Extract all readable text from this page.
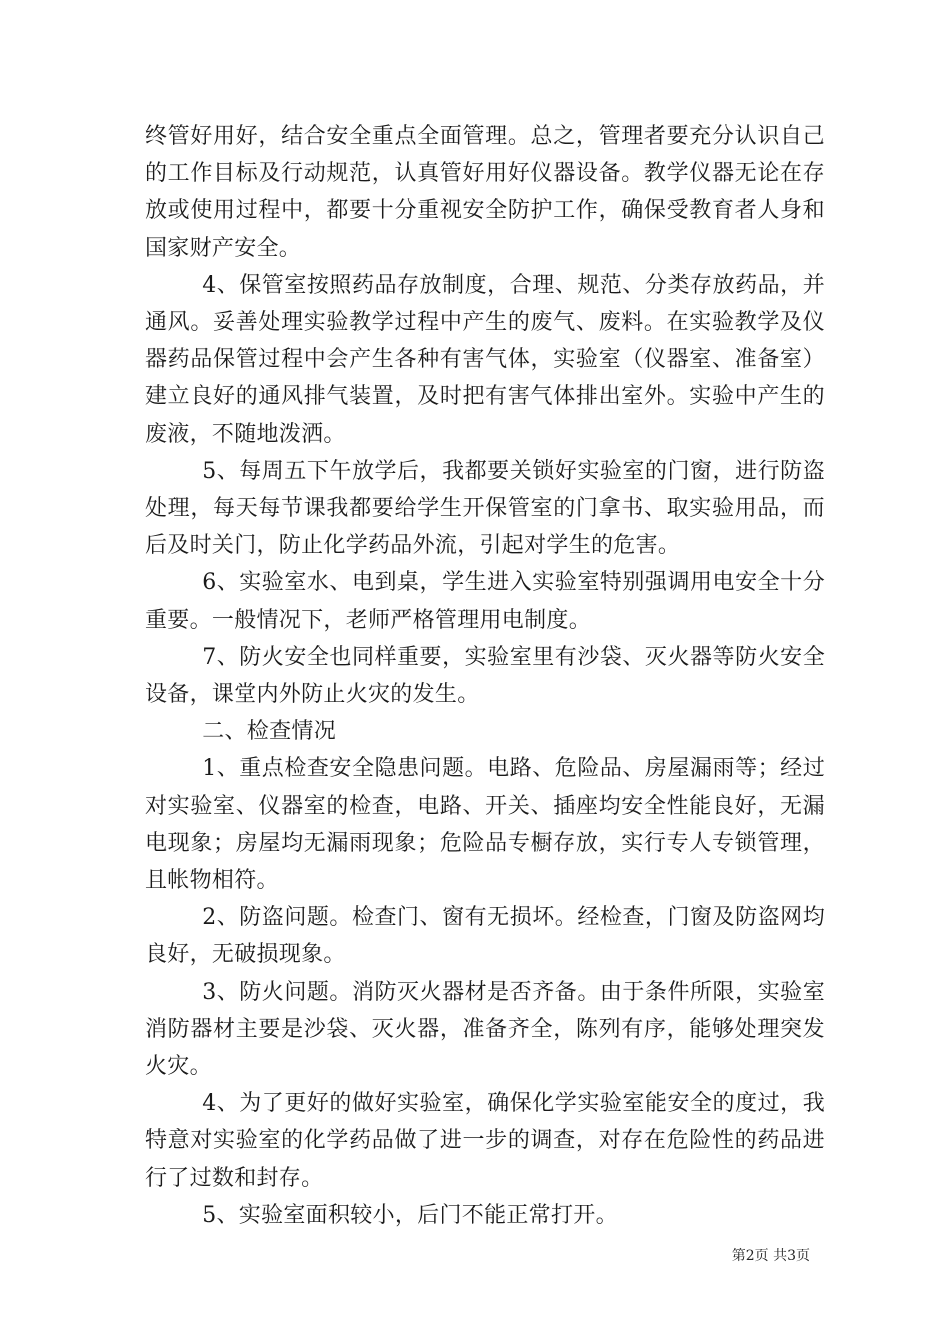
终管好用好，结合安全重点全面管理。总之，管理者要充分认识自己的工作目标及行动规范，认真管好用好仪器设备。教学仪器无论在存放或使用过程中，都要十分重视安全防护工作，确保受教育者人身和国家财产安全。

4、保管室按照药品存放制度，合理、规范、分类存放药品，并通风。妥善处理实验教学过程中产生的废气、废料。在实验教学及仪器药品保管过程中会产生各种有害气体，实验室（仪器室、准备室）建立良好的通风排气装置，及时把有害气体排出室外。实验中产生的废液，不随地泼洒。

5、每周五下午放学后，我都要关锁好实验室的门窗，进行防盗处理，每天每节课我都要给学生开保管室的门拿书、取实验用品，而后及时关门，防止化学药品外流，引起对学生的危害。

6、实验室水、电到桌，学生进入实验室特别强调用电安全十分重要。一般情况下，老师严格管理用电制度。

7、防火安全也同样重要，实验室里有沙袋、灭火器等防火安全设备，课堂内外防止火灾的发生。

二、检查情况

1、重点检查安全隐患问题。电路、危险品、房屋漏雨等；经过对实验室、仪器室的检查，电路、开关、插座均安全性能良好，无漏电现象；房屋均无漏雨现象；危险品专橱存放，实行专人专锁管理，且帐物相符。

2、防盗问题。检查门、窗有无损坏。经检查，门窗及防盗网均良好，无破损现象。

3、防火问题。消防灭火器材是否齐备。由于条件所限，实验室消防器材主要是沙袋、灭火器，准备齐全，陈列有序，能够处理突发火灾。

4、为了更好的做好实验室，确保化学实验室能安全的度过，我特意对实验室的化学药品做了进一步的调查，对存在危险性的药品进行了过数和封存。

5、实验室面积较小，后门不能正常打开。

第2页 共3页
